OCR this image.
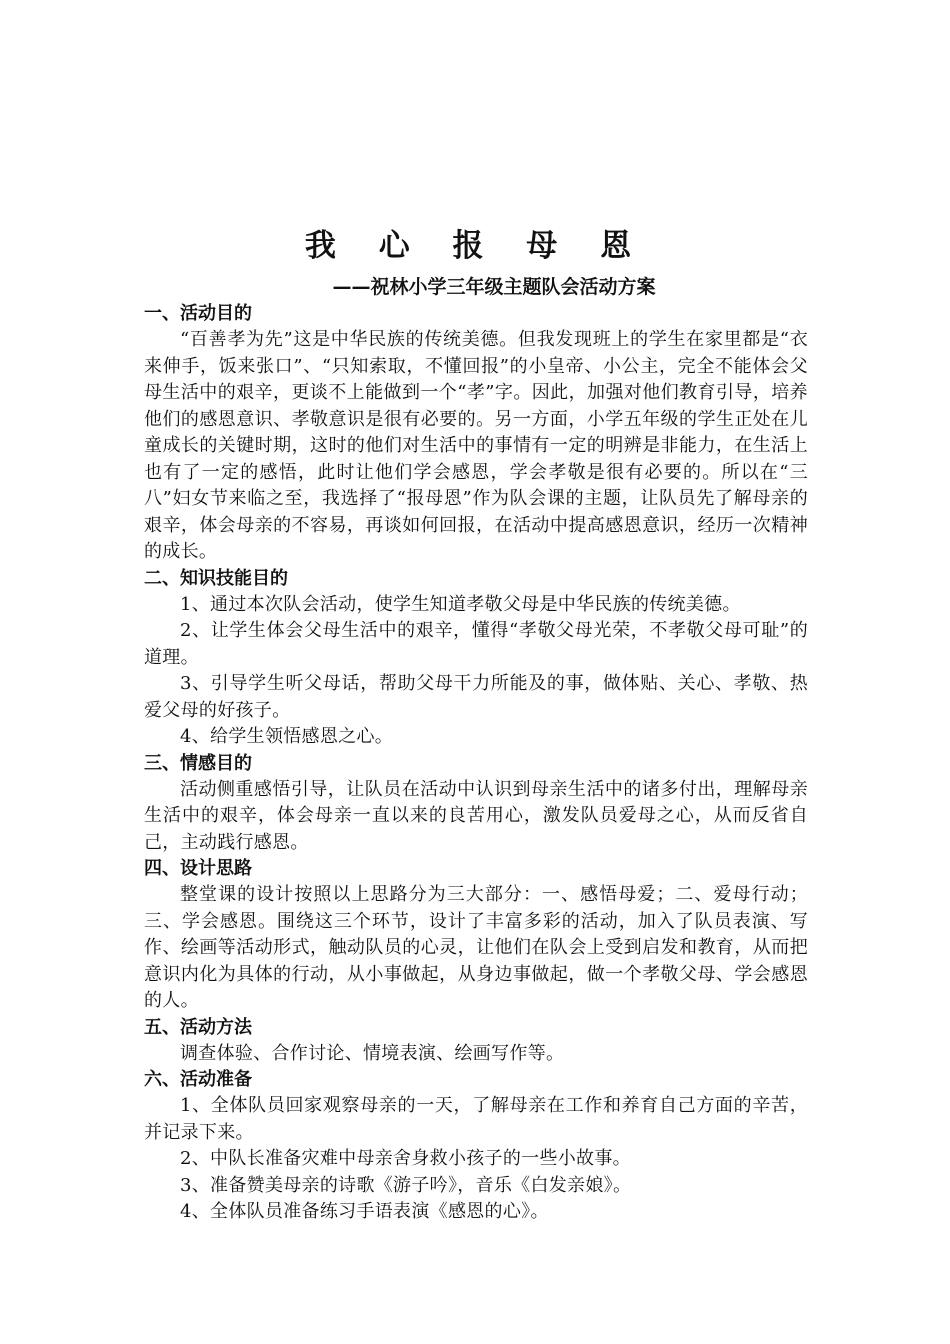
我 心 报 母 恩
——祝林小学三年级主题队会活动方案
一、活动目的

“百善孝为先”这是中华民族的传统美德。但我发现班上的学生在家里都是“衣来伸手，饭来张口”、“只知索取，不懂回报”的小皇帝、小公主，完全不能体会父母生活中的艰辛，更谈不上能做到一个“孝”字。因此，加强对他们教育引导，培养他们的感恩意识、孝敬意识是很有必要的。另一方面，小学五年级的学生正处在儿童成长的关键时期，这时的他们对生活中的事情有一定的明辨是非能力，在生活上也有了一定的感悟，此时让他们学会感恩，学会孝敬是很有必要的。所以在“三八”妇女节来临之至，我选择了“报母恩”作为队会课的主题，让队员先了解母亲的艰辛，体会母亲的不容易，再谈如何回报，在活动中提高感恩意识，经历一次精神的成长。

二、知识技能目的

1、通过本次队会活动，使学生知道孝敬父母是中华民族的传统美德。

2、让学生体会父母生活中的艰辛，懂得“孝敬父母光荣，不孝敬父母可耻”的道理。

3、引导学生听父母话，帮助父母干力所能及的事，做体贴、关心、孝敬、热爱父母的好孩子。

4、给学生领悟感恩之心。

三、情感目的

活动侧重感悟引导，让队员在活动中认识到母亲生活中的诸多付出，理解母亲生活中的艰辛，体会母亲一直以来的良苦用心，激发队员爱母之心，从而反省自己，主动践行感恩。

四、设计思路

整堂课的设计按照以上思路分为三大部分：一、感悟母爱；二、爱母行动；三、学会感恩。围绕这三个环节，设计了丰富多彩的活动，加入了队员表演、写作、绘画等活动形式，触动队员的心灵，让他们在队会上受到启发和教育，从而把意识内化为具体的行动，从小事做起，从身边事做起，做一个孝敬父母、学会感恩的人。

五、活动方法

调查体验、合作讨论、情境表演、绘画写作等。

六、活动准备

1、全体队员回家观察母亲的一天，了解母亲在工作和养育自己方面的辛苦，并记录下来。

2、中队长准备灾难中母亲舍身救小孩子的一些小故事。

3、准备赞美母亲的诗歌《游子吟》，音乐《白发亲娘》。

4、全体队员准备练习手语表演《感恩的心》。
